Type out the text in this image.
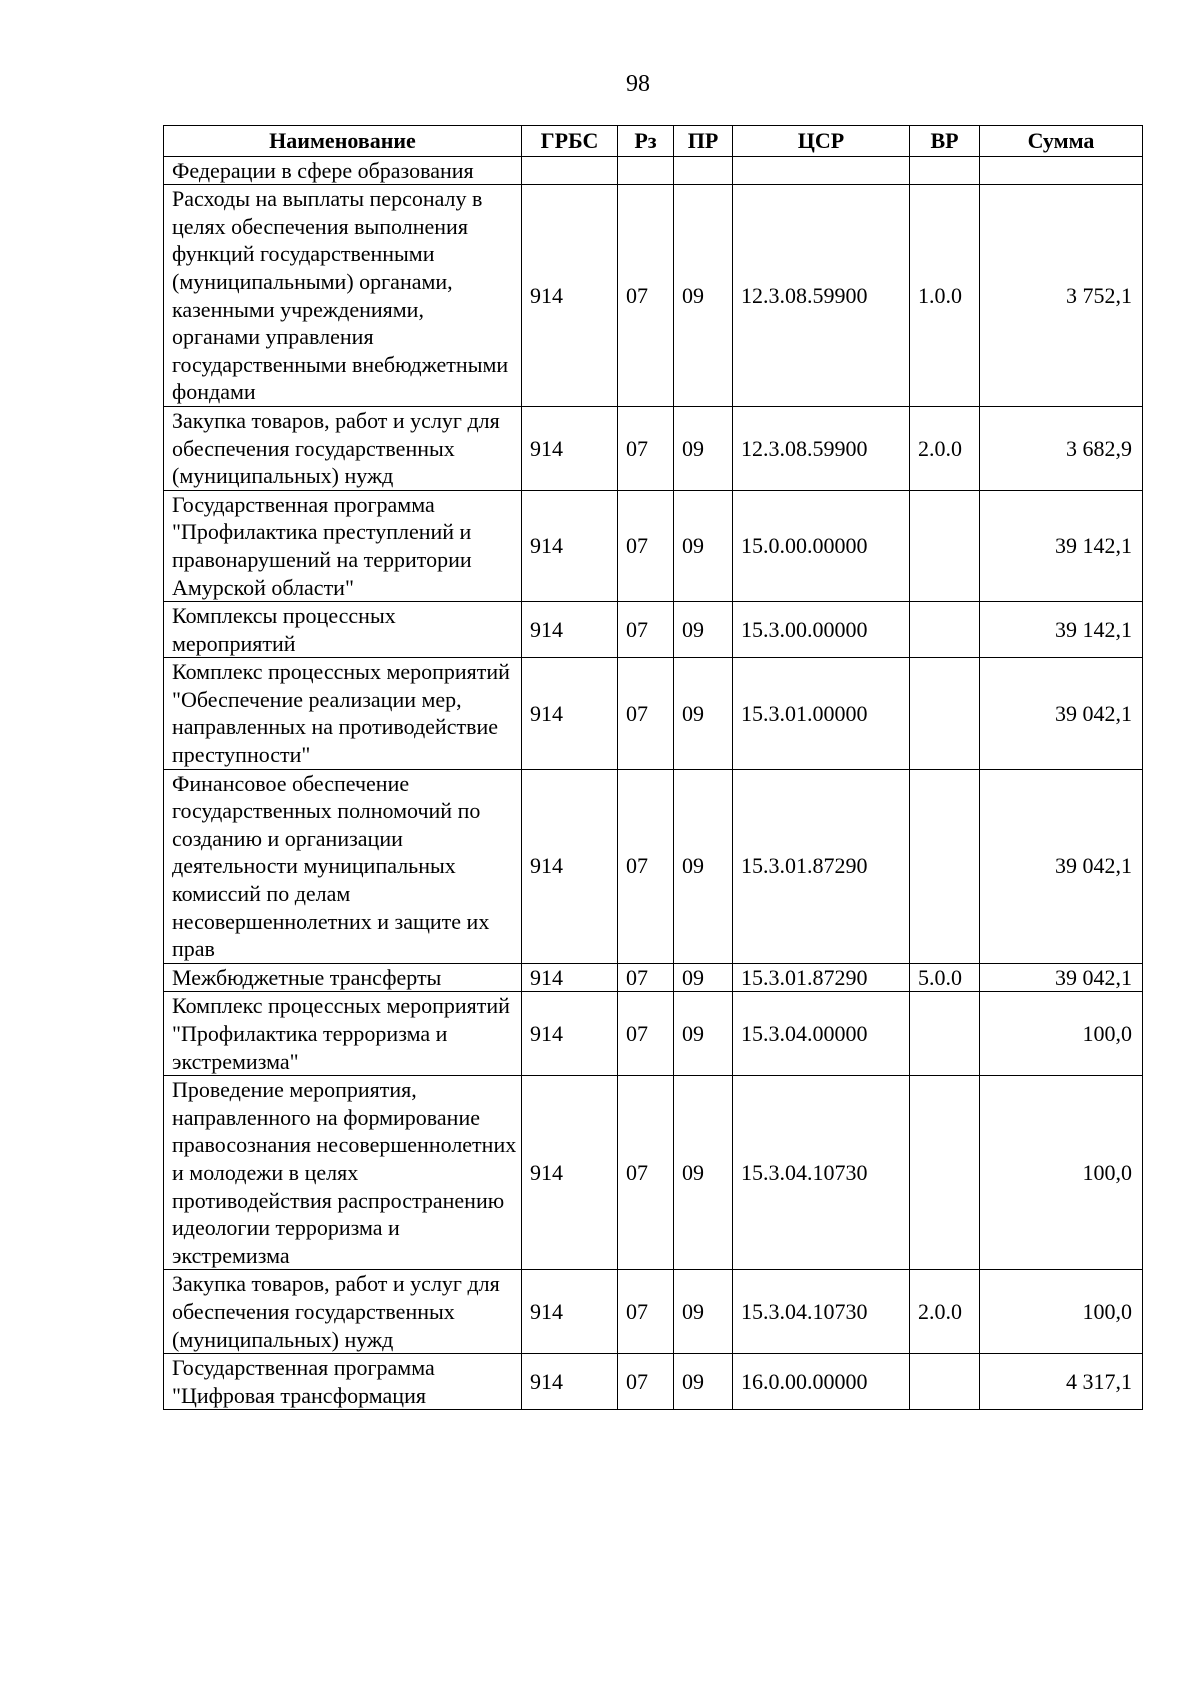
98
Наименование	ГРБС	Рз	ПР	ЦСР	ВР	Сумма
Федерации в сфере образования						
Расходы на выплаты персоналу в целях обеспечения выполнения функций государственными (муниципальными) органами, казенными учреждениями, органами управления государственными внебюджетными фондами	914	07	09	12.3.08.59900	1.0.0	3 752,1
Закупка товаров, работ и услуг для обеспечения государственных (муниципальных) нужд	914	07	09	12.3.08.59900	2.0.0	3 682,9
Государственная программа "Профилактика преступлений и правонарушений на территории Амурской области"	914	07	09	15.0.00.00000		39 142,1
Комплексы процессных мероприятий	914	07	09	15.3.00.00000		39 142,1
Комплекс процессных мероприятий "Обеспечение реализации мер, направленных на противодействие преступности"	914	07	09	15.3.01.00000		39 042,1
Финансовое обеспечение государственных полномочий по созданию и организации деятельности муниципальных комиссий по делам несовершеннолетних и защите их прав	914	07	09	15.3.01.87290		39 042,1
Межбюджетные трансферты	914	07	09	15.3.01.87290	5.0.0	39 042,1
Комплекс процессных мероприятий "Профилактика терроризма и экстремизма"	914	07	09	15.3.04.00000		100,0
Проведение мероприятия, направленного на формирование правосознания несовершеннолетних и молодежи в целях противодействия распространению идеологии терроризма и экстремизма	914	07	09	15.3.04.10730		100,0
Закупка товаров, работ и услуг для обеспечения государственных (муниципальных) нужд	914	07	09	15.3.04.10730	2.0.0	100,0
Государственная программа "Цифровая трансформация	914	07	09	16.0.00.00000		4 317,1
